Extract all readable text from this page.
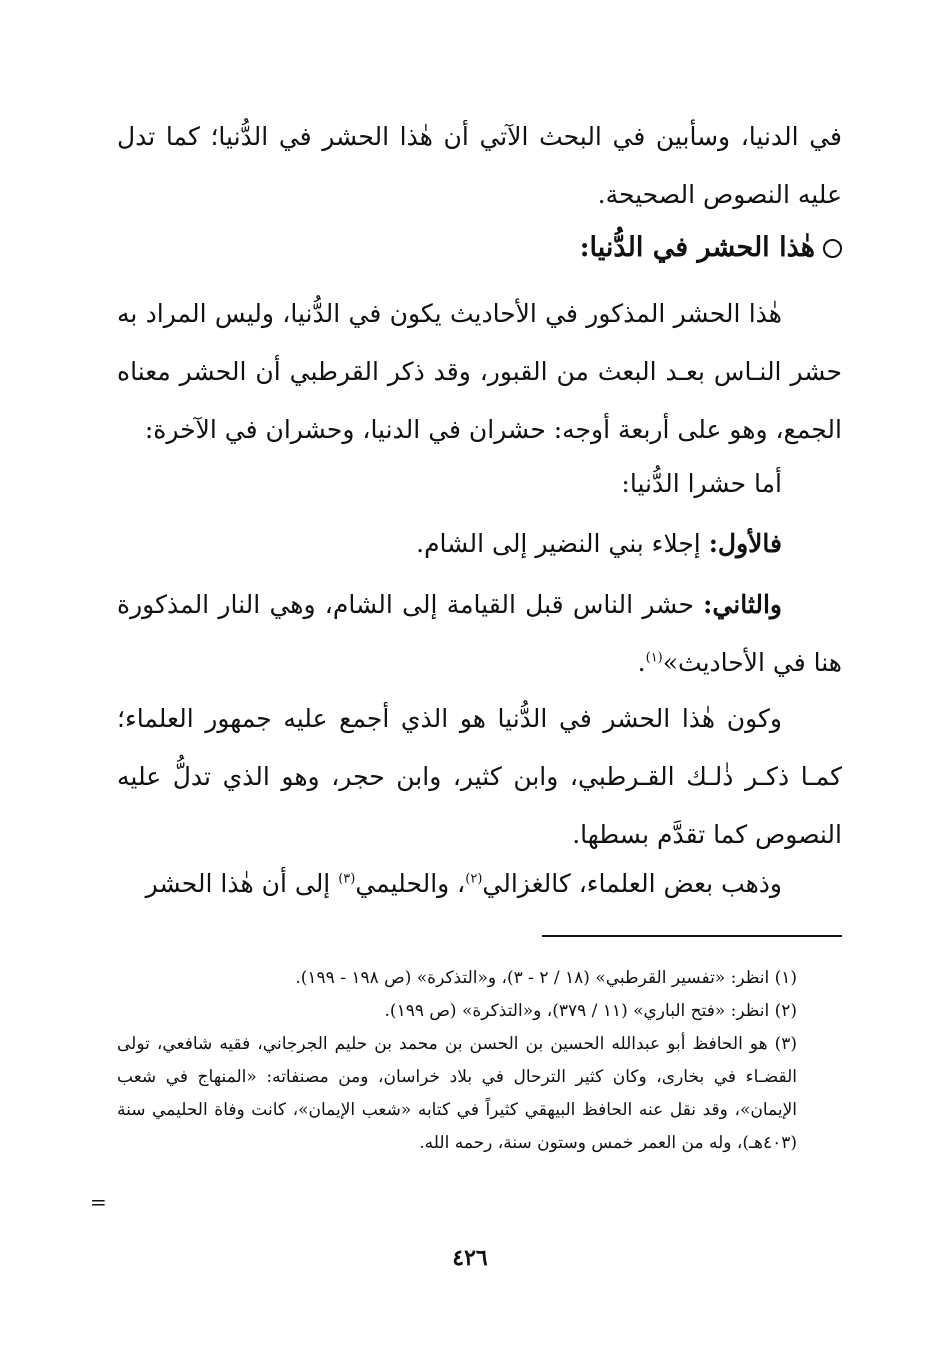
في الدنيا، وسأبين في البحث الآتي أن هٰذا الحشر في الدُّنيا؛ كما تدل عليه النصوص الصحيحة.

هٰذا الحشر في الدُّنيا:

هٰذا الحشر المذكور في الأحاديث يكون في الدُّنيا، وليس المراد به حشر النـاس بعـد البعث من القبور، وقد ذكر القرطبي أن الحشر معناه الجمع، وهو على أربعة أوجه: حشران في الدنيا، وحشران في الآخرة:

أما حشرا الدُّنيا:

فالأول: إجلاء بني النضير إلى الشام.

والثاني: حشر الناس قبل القيامة إلى الشام، وهي النار المذكورة هنا في الأحاديث»$^{(١)}$.

وكون هٰذا الحشر في الدُّنيا هو الذي أجمع عليه جمهور العلماء؛ كمـا ذكـر ذٰلـك القـرطبي، وابن كثير، وابن حجر، وهو الذي تدلُّ عليه النصوص كما تقدَّم بسطها.

وذهب بعض العلماء، كالغزالي$^{(٢)}$، والحليمي$^{(٣)}$ إلى أن هٰذا الحشر

(١) انظر: «تفسير القرطبي» (١٨ / ٢ - ٣)، و«التذكرة» (ص ١٩٨ - ١٩٩).

(٢) انظر: «فتح الباري» (١١ / ٣٧٩)، و«التذكرة» (ص ١٩٩).

(٣) هو الحافظ أبو عبدالله الحسين بن الحسن بن محمد بن حليم الجرجاني، فقيه شافعي، تولى القضـاء في بخارى، وكان كثير الترحال في بلاد خراسان، ومن مصنفاته: «المنهاج في شعب الإيمان»، وقد نقل عنه الحافظ البيهقي كثيراً في كتابه «شعب الإيمان»، كانت وفاة الحليمي سنة (٤٠٣هـ)، وله من العمر خمس وستون سنة، رحمه الله.

=
٤٢٦
